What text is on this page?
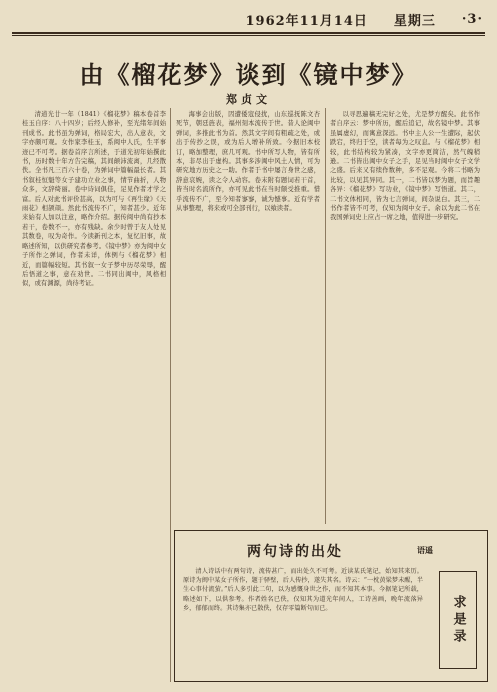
1962年11月14日 星期三 ·3·
由《榴花梦》谈到《镜中梦》
郑贞文

清道光廿一年（1841）《榴花梦》稿本卷首李桂玉自序：八十四岁；后经人修补，至光绪年间始刊成书。此书虽为弹词，格局宏大，出人意表，文字亦颇可观。女作家李桂玉，系闽中人氏，生平事迹已不可考。据卷首序言所述，于道光初年始撰此书，历时数十年方告完稿，其间颠沛流离，几经散佚。全书凡三百六十卷，为弹词中篇幅最长者。其书叙桂恒魁等女子建功立业之事，情节曲折，人物众多，文辞绮丽。卷中诗词俱佳，足见作者才学之富。后人对此书评价甚高，以为可与《再生缘》《天雨花》相颉颃。然此书流传不广，知者甚少。近年来始有人加以注意，略作介绍。据传闽中尚有抄本若干，卷数不一，亦有残缺。余少时曾于友人处见其数卷，叹为奇作。今读新刊之本，复忆旧事，故略述所知，以供研究者参考。《镜中梦》亦为闽中女子所作之弹词，作者未详，体例与《榴花梦》相近，而篇幅较短。其书叙一女子梦中历尽荣辱，醒后悟道之事，意在劝世。二书同出闽中，风格相似，或有渊源，尚待考证。

海事会出版，因遭倭寇侵扰，山东巡抚陈文杏死节，朝廷旌表，福州刻本流传于世。昔人论闽中弹词，多推此书为首。然其文字间有粗疏之处，或出于传抄之误，或为后人增补所致。今据旧本校订，略加整理，庶几可观。书中所写人物，皆有所本，非尽出于虚构。其事多涉闽中风土人情，可为研究地方历史之一助。作者于书中屡言身世之感，辞意哀婉，读之令人动容。卷末附有题词若干首，皆当时名流所作，亦可见此书在当时颇受推重。惜乎流传不广，至今知者寥寥，诚为憾事。近有学者从事整理，将来或可全部刊行，以飨读者。

以寻思遍稿无完好之处，尤是梦方醒矣。此书作者自序云：梦中所历，醒后追记，故名镜中梦。其事虽属虚幻，而寓意深远。书中主人公一生遭际，起伏跌宕，终归于空，读者每为之叹息。与《榴花梦》相较，此书结构较为紧凑，文字亦更简洁，然气魄稍逊。二书皆出闽中女子之手，足见当时闽中女子文学之盛。后来又有续作数种，多不足观。今将二书略为比较，以见其异同。其一，二书皆以梦为题，而旨趣各异：《榴花梦》写功业，《镜中梦》写悟道。其二，二书文体相同，皆为七言弹词，间杂说白。其三，二书作者皆不可考，仅知为闽中女子。余以为此二书在我国弹词史上应占一席之地，值得进一步研究。

两句诗的出处	语遥

清人诗话中有两句诗，流传甚广，而出处久不可考。近读某氏笔记，始知其来历。原诗为闽中某女子所作，题于驿壁，后人传抄，遂失其名。诗云：“一枕黄粱梦未醒，半生心事付流萤。”后人多引此二句，以为感慨身世之作，而不知其本事。今据笔记所载，略述如下，以供参考。作者姓名已佚，仅知其为道光年间人，工诗善画，晚年流落异乡，郁郁而终。其诗集亦已散佚，仅存零篇断句而已。	求是录
